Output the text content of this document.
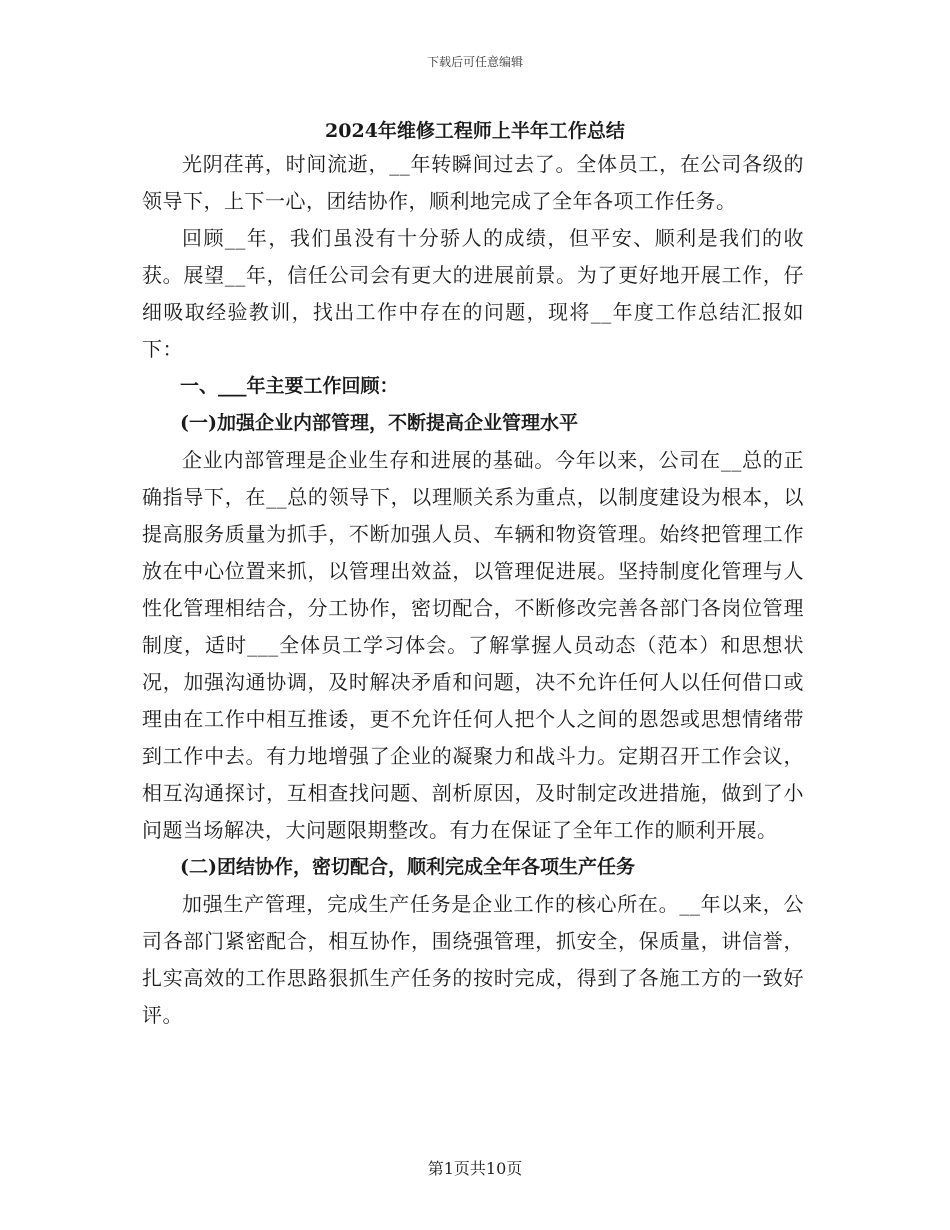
下载后可任意编辑
2024年维修工程师上半年工作总结

光阴荏苒，时间流逝，__年转瞬间过去了。全体员工，在公司各级的领导下，上下一心，团结协作，顺利地完成了全年各项工作任务。

回顾__年，我们虽没有十分骄人的成绩，但平安、顺利是我们的收获。展望__年，信任公司会有更大的进展前景。为了更好地开展工作，仔细吸取经验教训，找出工作中存在的问题，现将__年度工作总结汇报如下：

一、___年主要工作回顾：

(一)加强企业内部管理，不断提高企业管理水平

企业内部管理是企业生存和进展的基础。今年以来，公司在__总的正确指导下，在__总的领导下，以理顺关系为重点，以制度建设为根本，以提高服务质量为抓手，不断加强人员、车辆和物资管理。始终把管理工作放在中心位置来抓，以管理出效益，以管理促进展。坚持制度化管理与人性化管理相结合，分工协作，密切配合，不断修改完善各部门各岗位管理制度，适时___全体员工学习体会。了解掌握人员动态（范本）和思想状况，加强沟通协调，及时解决矛盾和问题，决不允许任何人以任何借口或理由在工作中相互推诿，更不允许任何人把个人之间的恩怨或思想情绪带到工作中去。有力地增强了企业的凝聚力和战斗力。定期召开工作会议，相互沟通探讨，互相查找问题、剖析原因，及时制定改进措施，做到了小问题当场解决，大问题限期整改。有力在保证了全年工作的顺利开展。

(二)团结协作，密切配合，顺利完成全年各项生产任务

加强生产管理，完成生产任务是企业工作的核心所在。__年以来，公司各部门紧密配合，相互协作，围绕强管理，抓安全，保质量，讲信誉，扎实高效的工作思路狠抓生产任务的按时完成，得到了各施工方的一致好评。

第1页共10页
